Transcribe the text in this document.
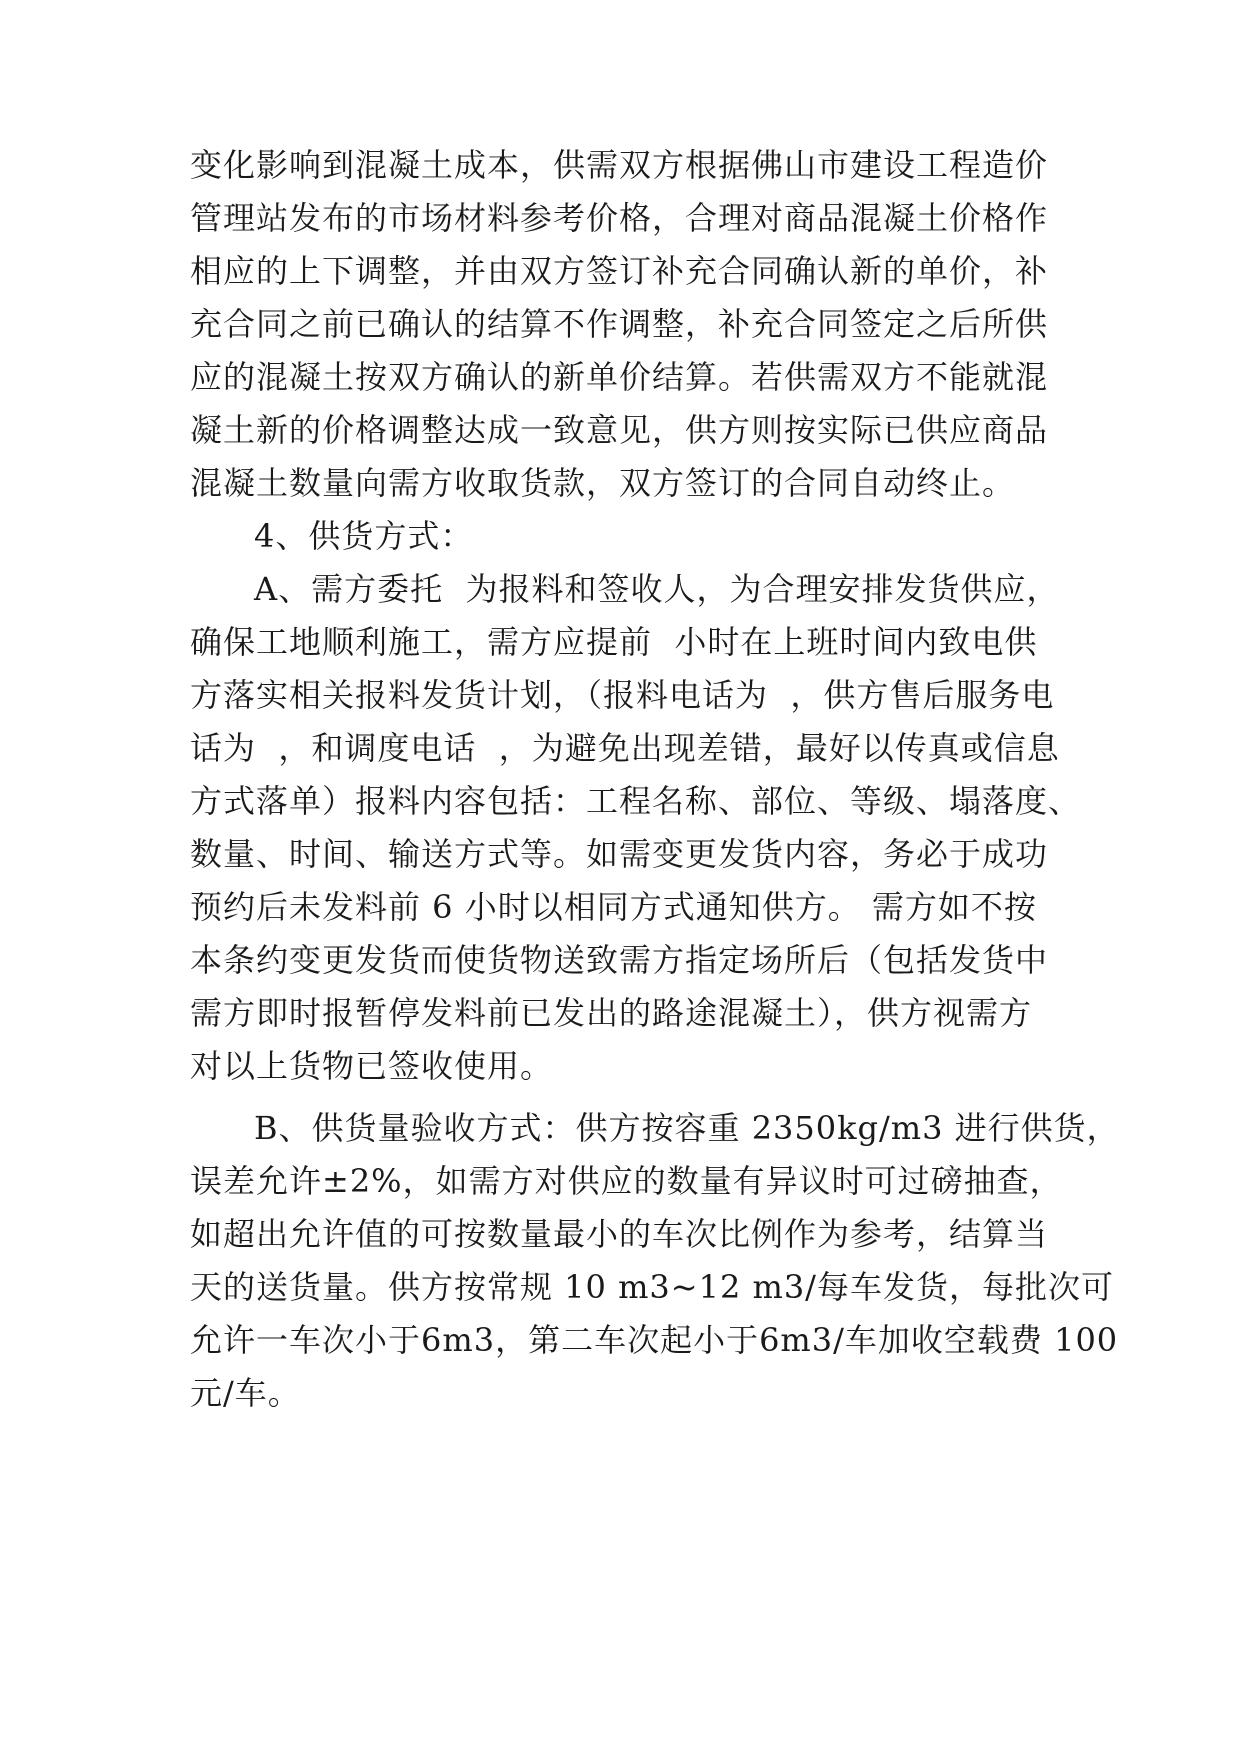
变化影响到混凝土成本，供需双方根据佛山市建设工程造价
管理站发布的市场材料参考价格，合理对商品混凝土价格作
相应的上下调整，并由双方签订补充合同确认新的单价，补
充合同之前已确认的结算不作调整，补充合同签定之后所供
应的混凝土按双方确认的新单价结算。若供需双方不能就混
凝土新的价格调整达成一致意见，供方则按实际已供应商品
混凝土数量向需方收取货款，双方签订的合同自动终止。
4、供货方式：
A、需方委托  为报料和签收人，为合理安排发货供应，
确保工地顺利施工，需方应提前  小时在上班时间内致电供
方落实相关报料发货计划，（报料电话为  ，供方售后服务电
话为  ，和调度电话  ，为避免出现差错，最好以传真或信息
方式落单）报料内容包括：工程名称、部位、等级、塌落度、
数量、时间、输送方式等。如需变更发货内容，务必于成功
预约后未发料前 6 小时以相同方式通知供方。 需方如不按
本条约变更发货而使货物送致需方指定场所后（包括发货中
需方即时报暂停发料前已发出的路途混凝土），供方视需方
对以上货物已签收使用。
B、供货量验收方式：供方按容重 2350kg/m3 进行供货，
误差允许±2%，如需方对供应的数量有异议时可过磅抽查，
如超出允许值的可按数量最小的车次比例作为参考，结算当
天的送货量。供方按常规 10 m3~12 m3/每车发货，每批次可
允许一车次小于6m3，第二车次起小于6m3/车加收空载费 100
元/车。
